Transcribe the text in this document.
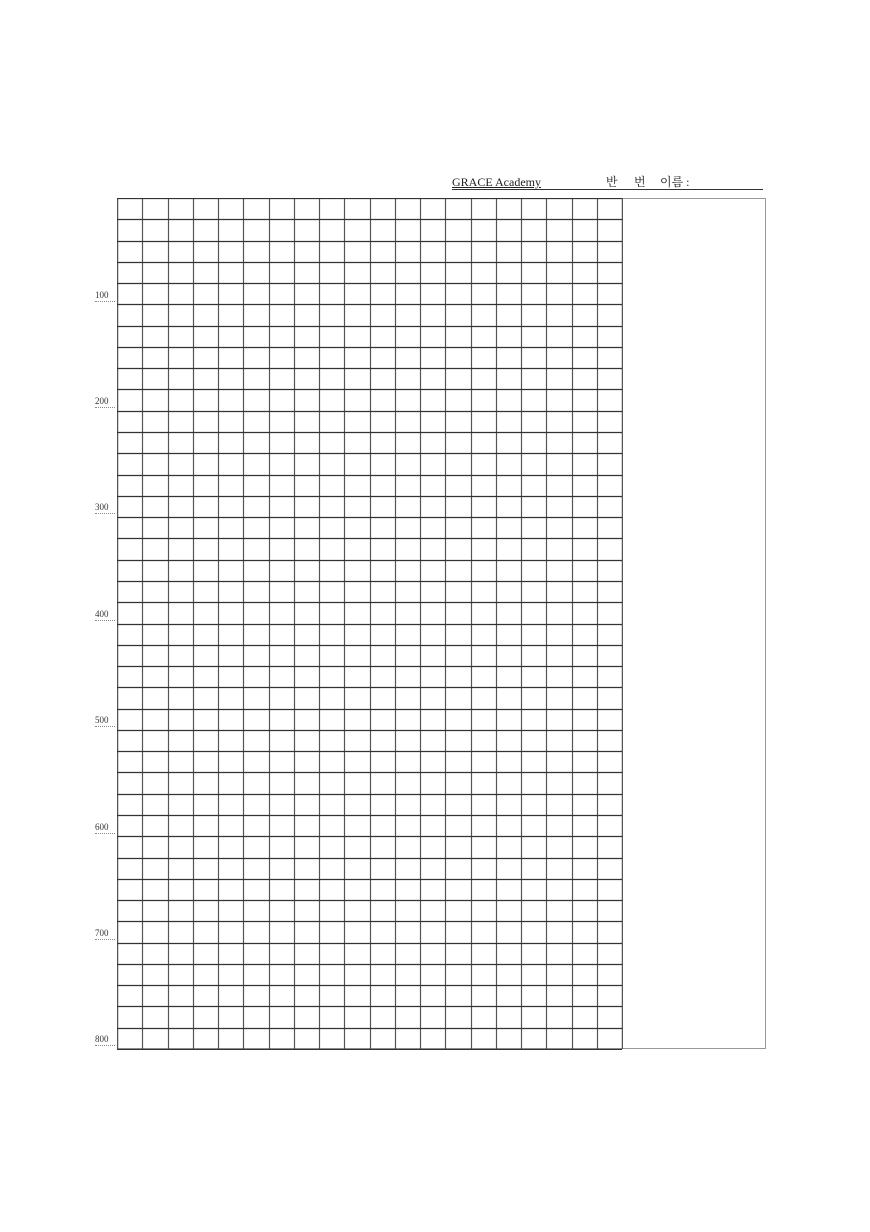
GRACE Academy	반 번 이름 :
100
200
300
400
500
600
700
800
